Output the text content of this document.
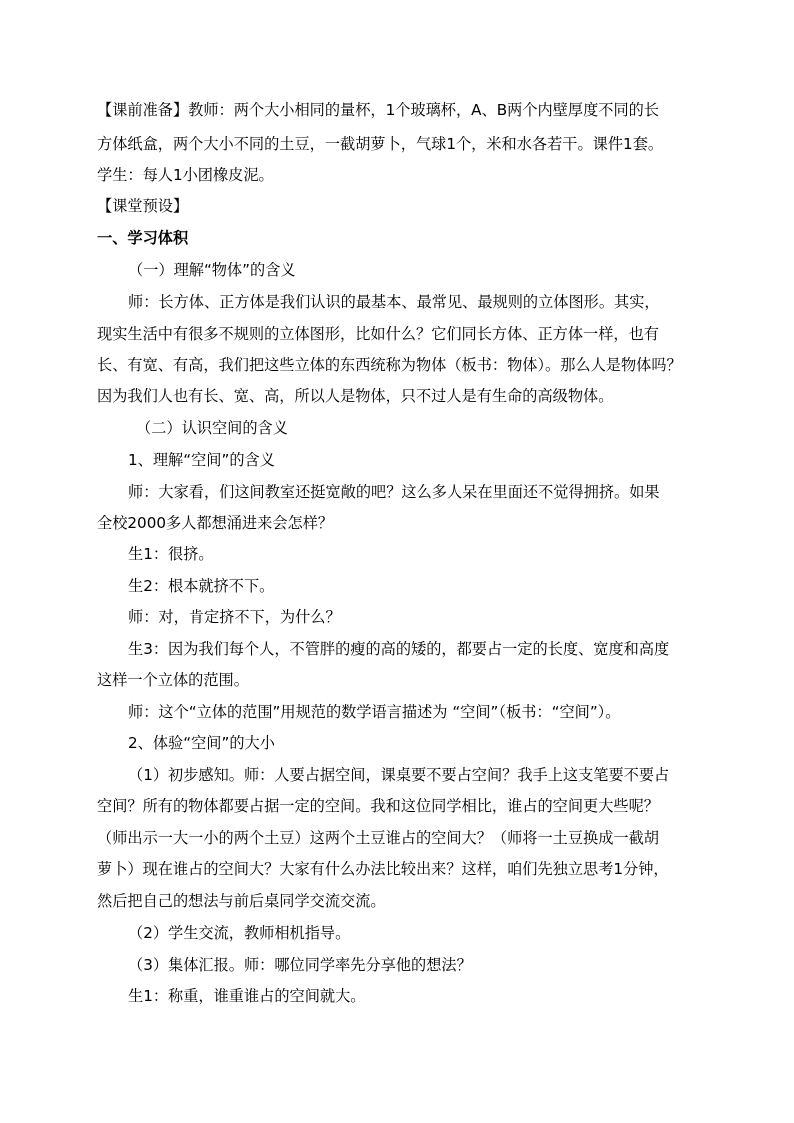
【课前准备】教师：两个大小相同的量杯，1个玻璃杯，A、B两个内壁厚度不同的长

方体纸盒，两个大小不同的土豆，一截胡萝卜，气球1个，米和水各若干。课件1套。

学生：每人1小团橡皮泥。

【课堂预设】

一、学习体积

（一）理解“物体”的含义

师：长方体、正方体是我们认识的最基本、最常见、最规则的立体图形。其实，

现实生活中有很多不规则的立体图形，比如什么？它们同长方体、正方体一样，也有

长、有宽、有高，我们把这些立体的东西统称为物体（板书：物体）。那么人是物体吗？

因为我们人也有长、宽、高，所以人是物体，只不过人是有生命的高级物体。

（二）认识空间的含义

1、理解“空间”的含义

师：大家看，们这间教室还挺宽敞的吧？这么多人呆在里面还不觉得拥挤。如果

全校2000多人都想涌进来会怎样？

生1：很挤。

生2：根本就挤不下。

师：对，肯定挤不下，为什么？

生3：因为我们每个人，不管胖的瘦的高的矮的，都要占一定的长度、宽度和高度

这样一个立体的范围。

师：这个“立体的范围”用规范的数学语言描述为 “空间”（板书：“空间”）。

2、体验“空间”的大小

（1）初步感知。师：人要占据空间，课桌要不要占空间？我手上这支笔要不要占

空间？所有的物体都要占据一定的空间。我和这位同学相比，谁占的空间更大些呢？

（师出示一大一小的两个土豆）这两个土豆谁占的空间大？（师将一土豆换成一截胡

萝卜）现在谁占的空间大？大家有什么办法比较出来？这样，咱们先独立思考1分钟，

然后把自己的想法与前后桌同学交流交流。

（2）学生交流，教师相机指导。

（3）集体汇报。师：哪位同学率先分享他的想法？

生1：称重，谁重谁占的空间就大。
